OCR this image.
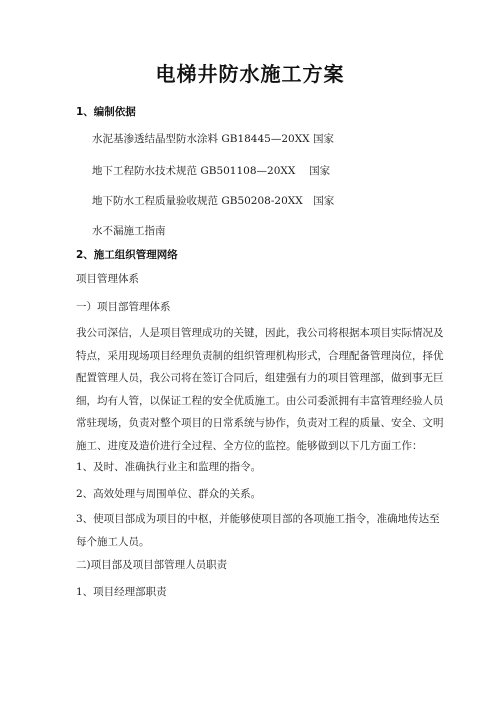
电梯井防水施工方案
1、编制依据
水泥基渗透结晶型防水涂料 GB18445—20XX 国家
地下工程防水技术规范 GB501108—20XX　 国家
地下防水工程质量验收规范 GB50208-20XX　国家
水不漏施工指南
2、施工组织管理网络
项目管理体系
一）项目部管理体系
我公司深信，人是项目管理成功的关键，因此，我公司将根据本项目实际情况及
特点，采用现场项目经理负责制的组织管理机构形式，合理配备管理岗位，择优
配置管理人员，我公司将在签订合同后，组建强有力的项目管理部，做到事无巨
细，均有人管，以保证工程的安全优质施工。由公司委派拥有丰富管理经验人员
常驻现场，负责对整个项目的日常系统与协作，负责对工程的质量、安全、文明
施工、进度及造价进行全过程、全方位的监控。能够做到以下几方面工作：
1、及时、准确执行业主和监理的指令。
2、高效处理与周围单位、群众的关系。
3、使项目部成为项目的中枢，并能够使项目部的各项施工指令，准确地传达至
每个施工人员。
二)项目部及项目部管理人员职责
1、项目经理部职责
